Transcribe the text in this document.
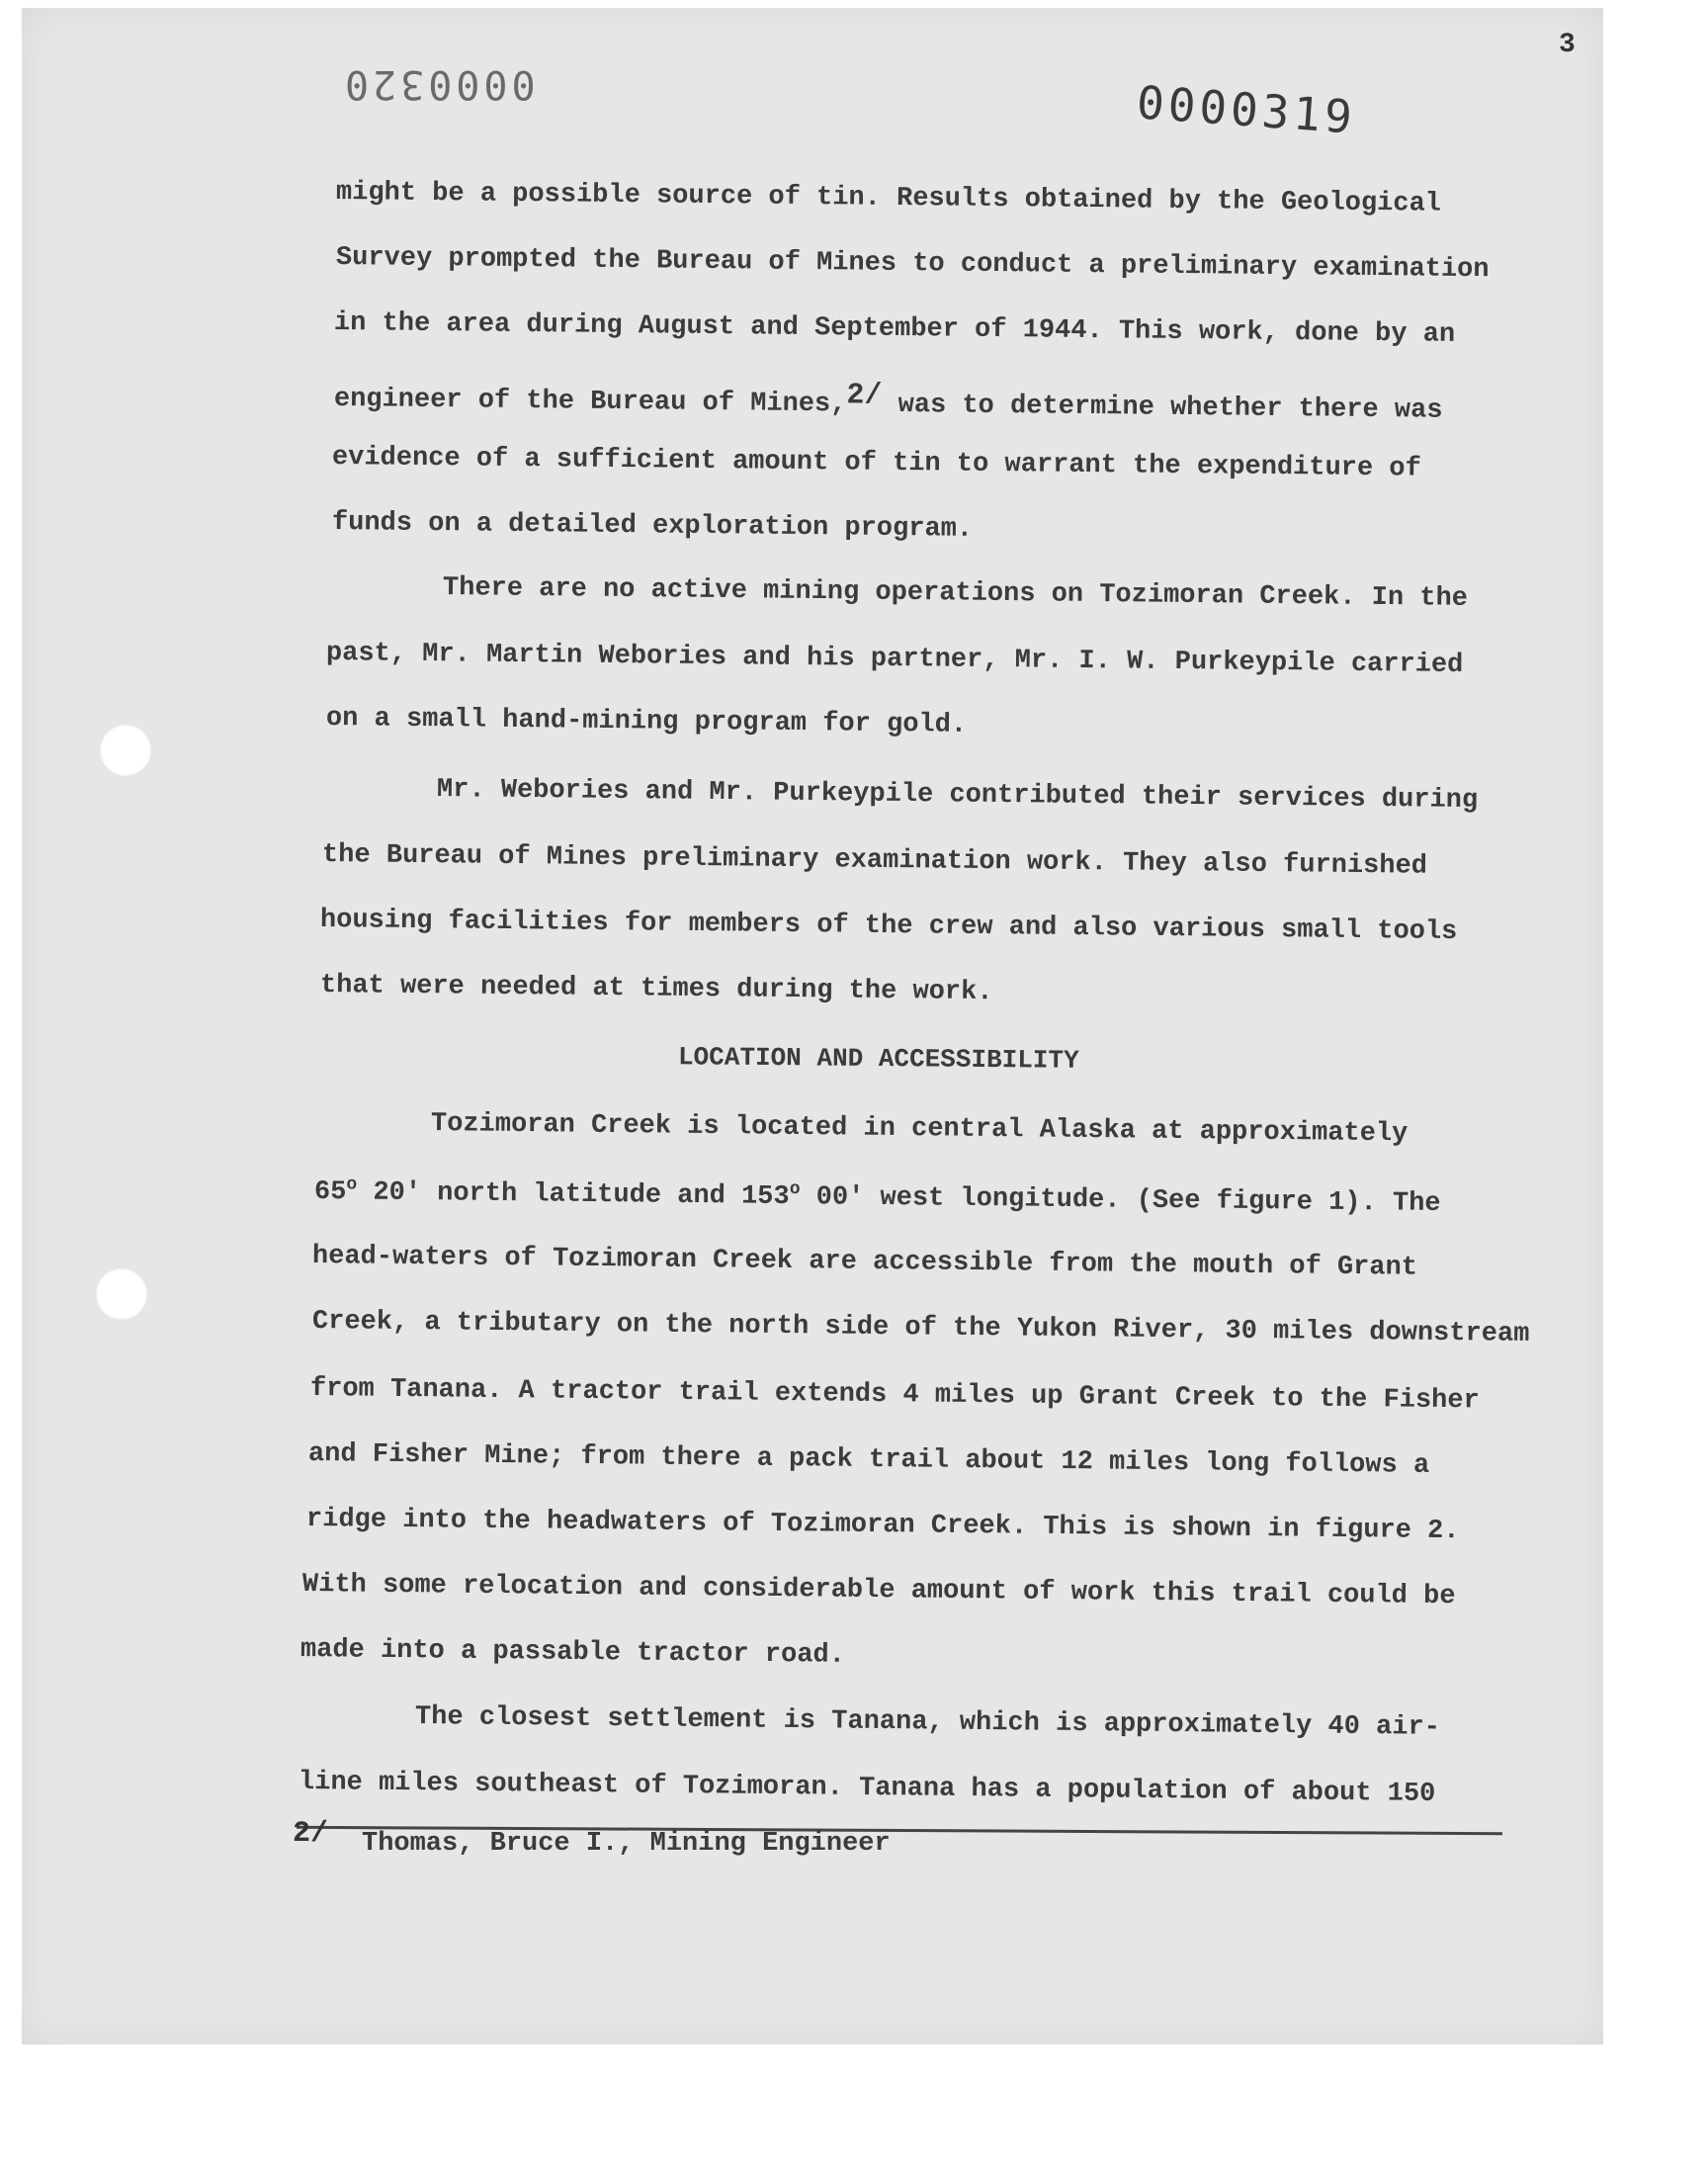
0000320	0000319
3
might be a possible source of tin. Results obtained by the Geological
Survey prompted the Bureau of Mines to conduct a preliminary examination
in the area during August and September of 1944. This work, done by an
engineer of the Bureau of Mines,2/ was to determine whether there was
evidence of a sufficient amount of tin to warrant the expenditure of
funds on a detailed exploration program.
There are no active mining operations on Tozimoran Creek. In the
past, Mr. Martin Webories and his partner, Mr. I. W. Purkeypile carried
on a small hand-mining program for gold.
Mr. Webories and Mr. Purkeypile contributed their services during
the Bureau of Mines preliminary examination work. They also furnished
housing facilities for members of the crew and also various small tools
that were needed at times during the work.
LOCATION AND ACCESSIBILITY
Tozimoran Creek is located in central Alaska at approximately
65$^o$ 20' north latitude and 153$^o$ 00' west longitude. (See figure 1). The
head-waters of Tozimoran Creek are accessible from the mouth of Grant
Creek, a tributary on the north side of the Yukon River, 30 miles downstream
from Tanana. A tractor trail extends 4 miles up Grant Creek to the Fisher
and Fisher Mine; from there a pack trail about 12 miles long follows a
ridge into the headwaters of Tozimoran Creek. This is shown in figure 2.
With some relocation and considerable amount of work this trail could be
made into a passable tractor road.
The closest settlement is Tanana, which is approximately 40 air-
line miles southeast of Tozimoran. Tanana has a population of about 150
2/ Thomas, Bruce I., Mining Engineer
